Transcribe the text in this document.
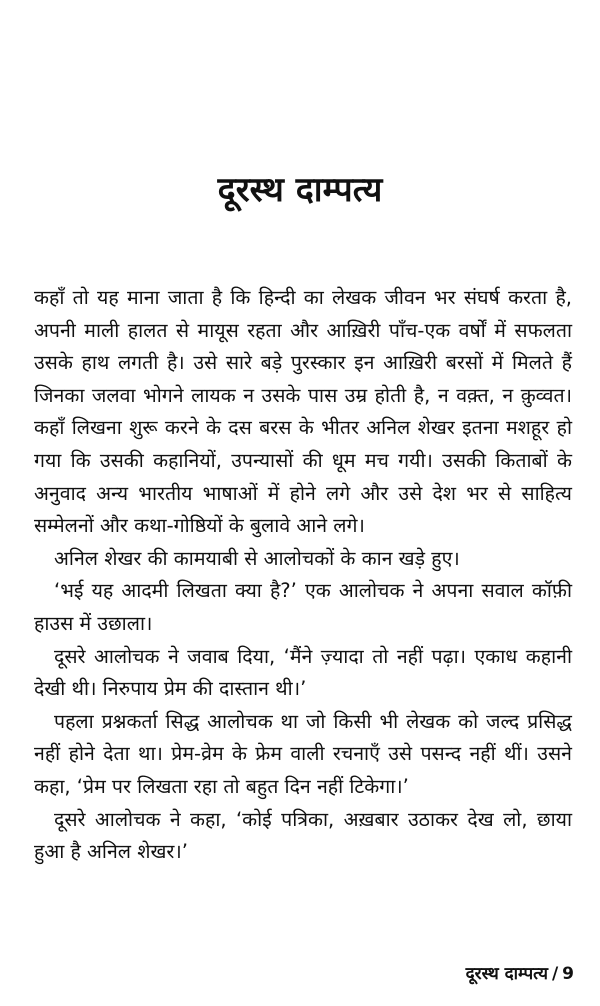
दूरस्थ दाम्पत्य

कहाँ तो यह माना जाता है कि हिन्दी का लेखक जीवन भर संघर्ष करता है, अपनी माली हालत से मायूस रहता और आख़िरी पाँच-एक वर्षों में सफलता उसके हाथ लगती है। उसे सारे बड़े पुरस्कार इन आख़िरी बरसों में मिलते हैं जिनका जलवा भोगने लायक न उसके पास उम्र होती है, न वक़्त, न क़ुव्वत। कहाँ लिखना शुरू करने के दस बरस के भीतर अनिल शेखर इतना मशहूर हो गया कि उसकी कहानियों, उपन्यासों की धूम मच गयी। उसकी किताबों के अनुवाद अन्य भारतीय भाषाओं में होने लगे और उसे देश भर से साहित्य सम्मेलनों और कथा-गोष्ठियों के बुलावे आने लगे।

अनिल शेखर की कामयाबी से आलोचकों के कान खड़े हुए।

‘भई यह आदमी लिखता क्या है?’ एक आलोचक ने अपना सवाल कॉफ़ी हाउस में उछाला।

दूसरे आलोचक ने जवाब दिया, ‘मैंने ज़्यादा तो नहीं पढ़ा। एकाध कहानी देखी थी। निरुपाय प्रेम की दास्तान थी।’

पहला प्रश्नकर्ता सिद्ध आलोचक था जो किसी भी लेखक को जल्द प्रसिद्ध नहीं होने देता था। प्रेम-व्रेम के फ्रेम वाली रचनाएँ उसे पसन्द नहीं थीं। उसने कहा, ‘प्रेम पर लिखता रहा तो बहुत दिन नहीं टिकेगा।’

दूसरे आलोचक ने कहा, ‘कोई पत्रिका, अख़बार उठाकर देख लो, छाया हुआ है अनिल शेखर।’

दूरस्थ दाम्पत्य / 9
